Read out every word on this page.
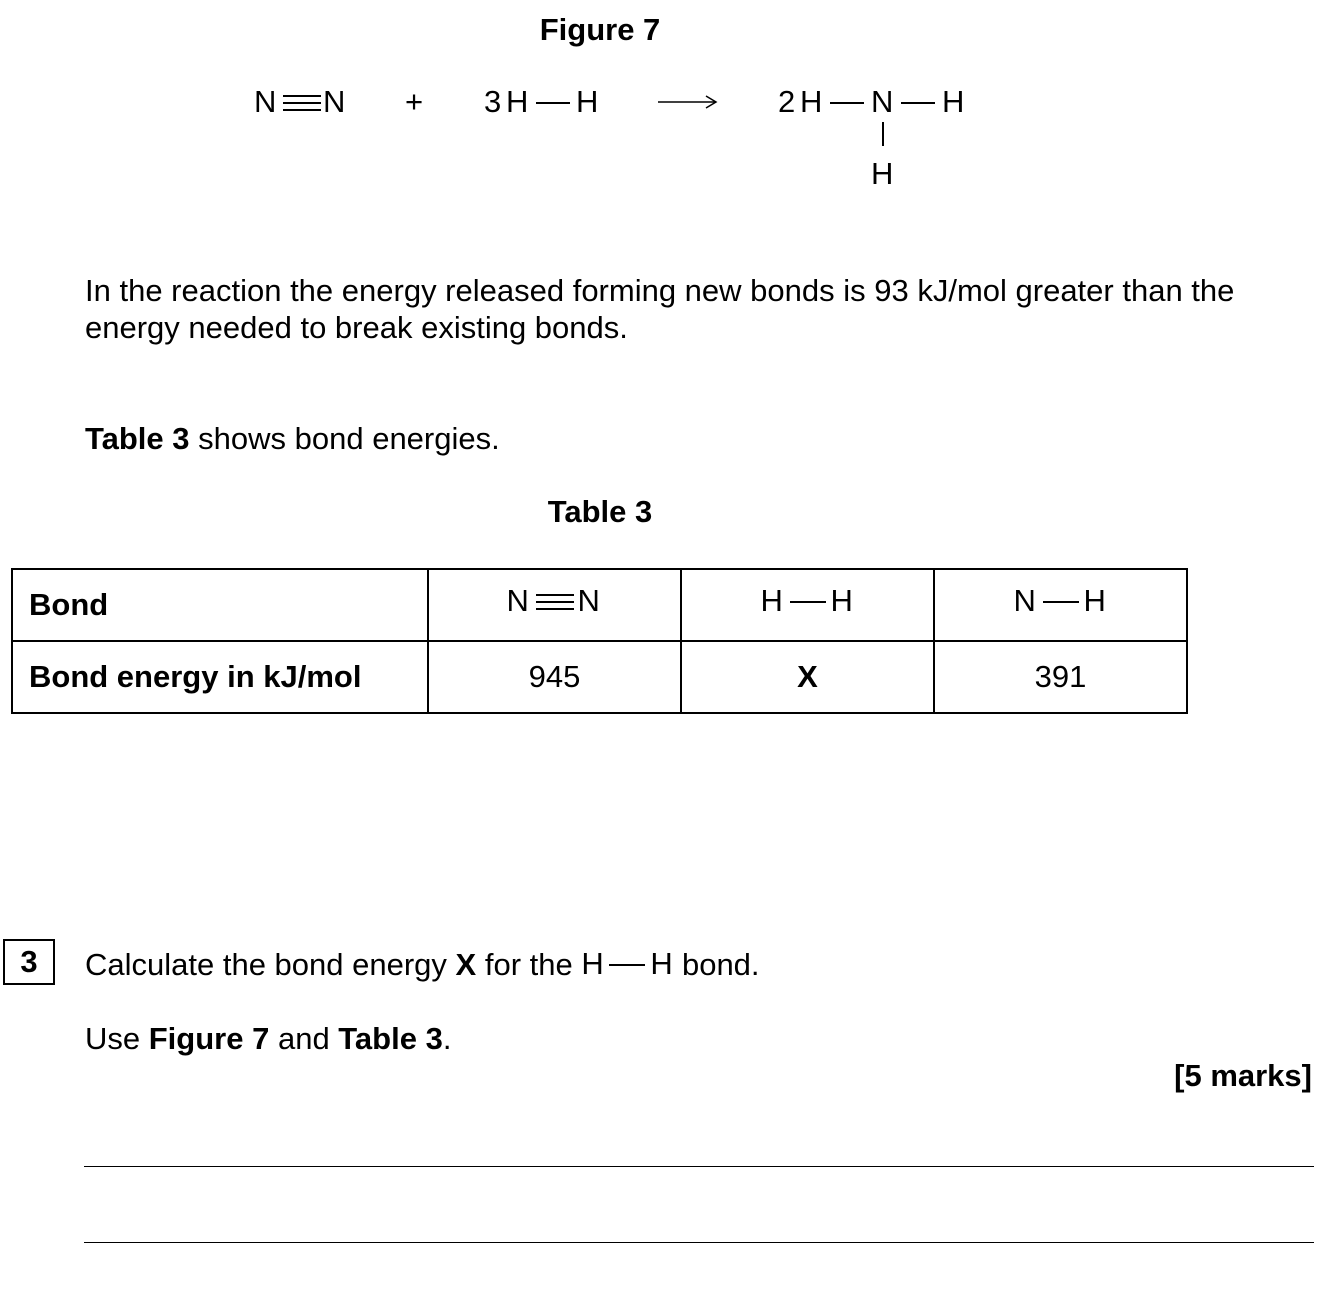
Figure 7
N N + 3 H H	2 H N H
H
In the reaction the energy released forming new bonds is 93 kJ/mol greater than the energy needed to break existing bonds.
Table 3 shows bond energies.
Table 3
Bond	N N	H H	N H

Bond energy in kJ/mol	945	X	391
3	Calculate the bond energy X for the H H bond.
Use Figure 7 and Table 3.
[5 marks]
